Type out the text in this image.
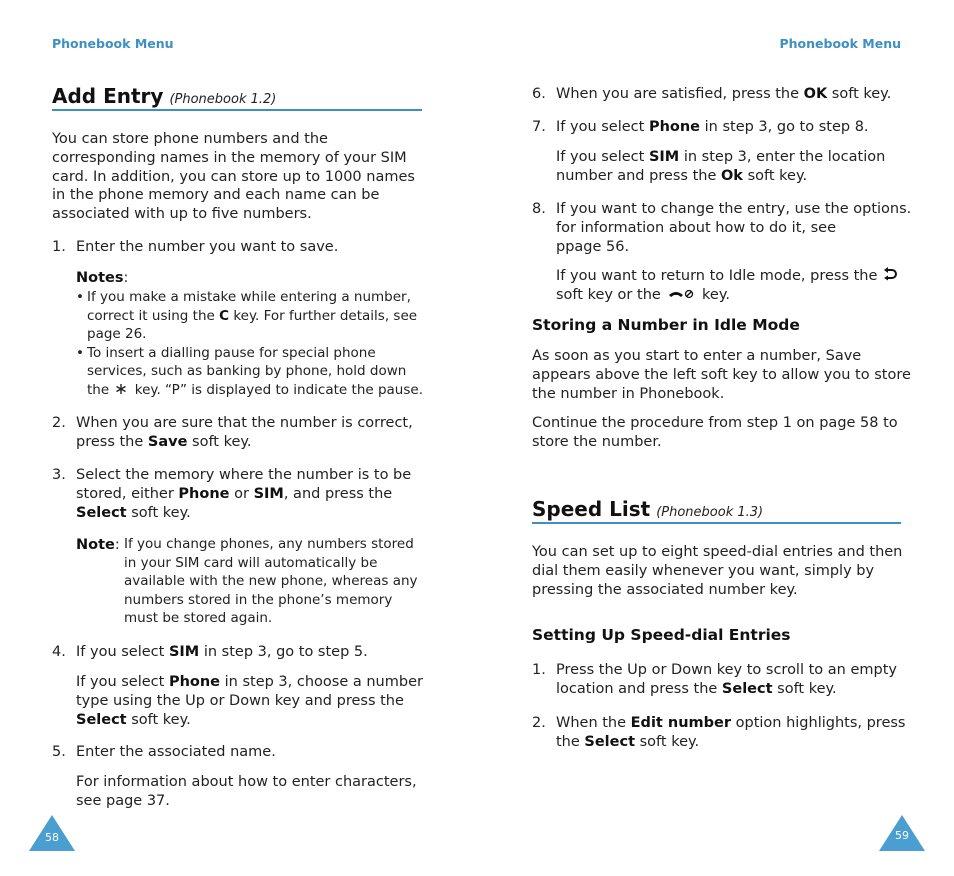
Phonebook Menu	Phonebook Menu
Add Entry (Phonebook 1.2)

You can store phone numbers and the

corresponding names in the memory of your SIM

card. In addition, you can store up to 1000 names

in the phone memory and each name can be

associated with up to five numbers.

1. Enter the number you want to save.
Notes:
• If you make a mistake while entering a number,

correct it using the C key. For further details, see

page 26.

• To insert a dialling pause for special phone

services, such as banking by phone, hold down

the  key. “P” is displayed to indicate the pause.

2. When you are sure that the number is correct,

press the Save soft key.

3. Select the memory where the number is to be

stored, either Phone or SIM, and press the

Select soft key.

Note: If you change phones, any numbers stored

in your SIM card will automatically be

available with the new phone, whereas any

numbers stored in the phone’s memory

must be stored again.

4. If you select SIM in step 3, go to step 5.

If you select Phone in step 3, choose a number

type using the Up or Down key and press the

Select soft key.

5. Enter the associated name.

For information about how to enter characters,

see page 37.

58
6. When you are satisfied, press the OK soft key.
7. If you select Phone in step 3, go to step 8.

If you select SIM in step 3, enter the location

number and press the Ok soft key.

8. If you want to change the entry, use the options.

for information about how to do it, see

ppage 56.

If you want to return to Idle mode, press the

soft key or the  key.

Storing a Number in Idle Mode

As soon as you start to enter a number, Save

appears above the left soft key to allow you to store

the number in Phonebook.

Continue the procedure from step 1 on page 58 to

store the number.

Speed List (Phonebook 1.3)

You can set up to eight speed-dial entries and then

dial them easily whenever you want, simply by

pressing the associated number key.

Setting Up Speed-dial Entries
1. Press the Up or Down key to scroll to an empty

location and press the Select soft key.

2. When the Edit number option highlights, press

the Select soft key.

59
